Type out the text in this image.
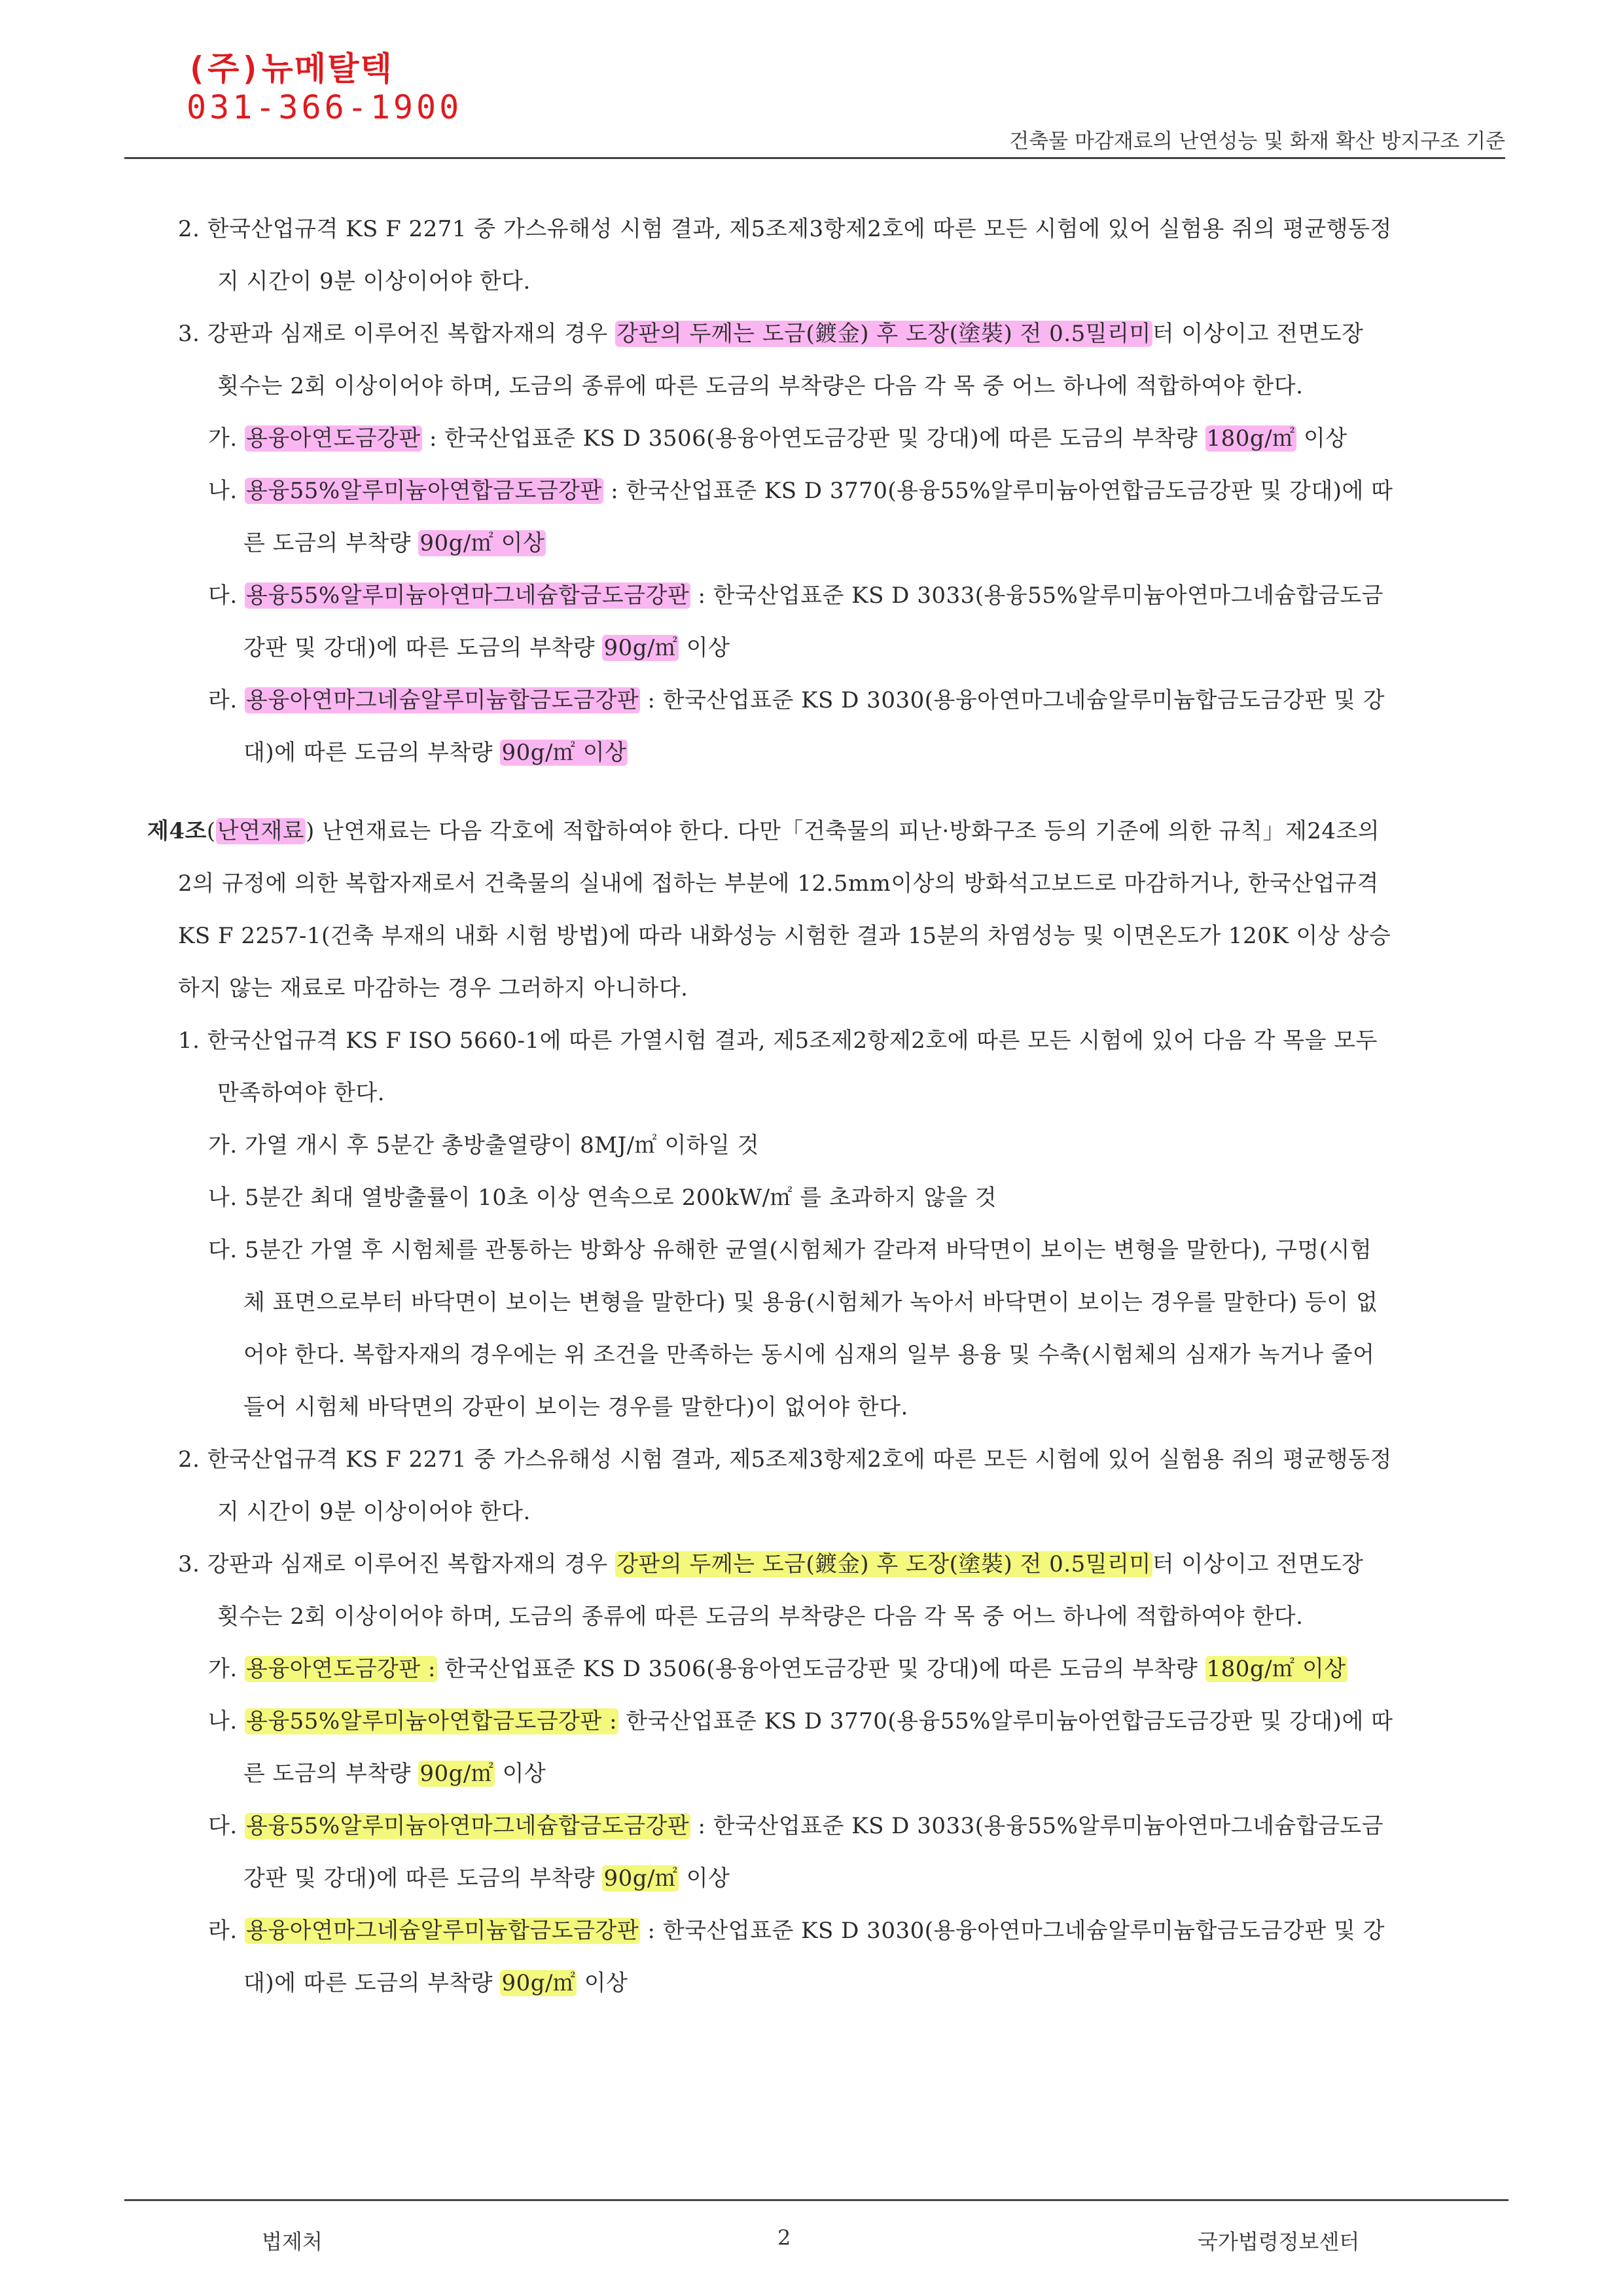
(주)뉴메탈텍
031-366-1900
건축물 마감재료의 난연성능 및 화재 확산 방지구조 기준
2. 한국산업규격 KS F 2271 중 가스유해성 시험 결과, 제5조제3항제2호에 따른 모든 시험에 있어 실험용 쥐의 평균행동정
지 시간이 9분 이상이어야 한다.
3. 강판과 심재로 이루어진 복합자재의 경우 강판의 두께는 도금(鍍金) 후 도장(塗裝) 전 0.5밀리미터 이상이고 전면도장
횟수는 2회 이상이어야 하며, 도금의 종류에 따른 도금의 부착량은 다음 각 목 중 어느 하나에 적합하여야 한다.
가. 용융아연도금강판 : 한국산업표준 KS D 3506(용융아연도금강판 및 강대)에 따른 도금의 부착량 180g/㎡ 이상
나. 용융55%알루미늄아연합금도금강판 : 한국산업표준 KS D 3770(용융55%알루미늄아연합금도금강판 및 강대)에 따
른 도금의 부착량 90g/㎡ 이상
다. 용융55%알루미늄아연마그네슘합금도금강판 : 한국산업표준 KS D 3033(용융55%알루미늄아연마그네슘합금도금
강판 및 강대)에 따른 도금의 부착량 90g/㎡ 이상
라. 용융아연마그네슘알루미늄합금도금강판 : 한국산업표준 KS D 3030(용융아연마그네슘알루미늄합금도금강판 및 강
대)에 따른 도금의 부착량 90g/㎡ 이상
제4조(난연재료) 난연재료는 다음 각호에 적합하여야 한다. 다만「건축물의 피난·방화구조 등의 기준에 의한 규칙」제24조의
2의 규정에 의한 복합자재로서 건축물의 실내에 접하는 부분에 12.5mm이상의 방화석고보드로 마감하거나, 한국산업규격
KS F 2257-1(건축 부재의 내화 시험 방법)에 따라 내화성능 시험한 결과 15분의 차염성능 및 이면온도가 120K 이상 상승
하지 않는 재료로 마감하는 경우 그러하지 아니하다.
1. 한국산업규격 KS F ISO 5660-1에 따른 가열시험 결과, 제5조제2항제2호에 따른 모든 시험에 있어 다음 각 목을 모두
만족하여야 한다.
가. 가열 개시 후 5분간 총방출열량이 8MJ/㎡ 이하일 것
나. 5분간 최대 열방출률이 10초 이상 연속으로 200kW/㎡ 를 초과하지 않을 것
다. 5분간 가열 후 시험체를 관통하는 방화상 유해한 균열(시험체가 갈라져 바닥면이 보이는 변형을 말한다), 구멍(시험
체 표면으로부터 바닥면이 보이는 변형을 말한다) 및 용융(시험체가 녹아서 바닥면이 보이는 경우를 말한다) 등이 없
어야 한다. 복합자재의 경우에는 위 조건을 만족하는 동시에 심재의 일부 용융 및 수축(시험체의 심재가 녹거나 줄어
들어 시험체 바닥면의 강판이 보이는 경우를 말한다)이 없어야 한다.
2. 한국산업규격 KS F 2271 중 가스유해성 시험 결과, 제5조제3항제2호에 따른 모든 시험에 있어 실험용 쥐의 평균행동정
지 시간이 9분 이상이어야 한다.
3. 강판과 심재로 이루어진 복합자재의 경우 강판의 두께는 도금(鍍金) 후 도장(塗裝) 전 0.5밀리미터 이상이고 전면도장
횟수는 2회 이상이어야 하며, 도금의 종류에 따른 도금의 부착량은 다음 각 목 중 어느 하나에 적합하여야 한다.
가. 용융아연도금강판 : 한국산업표준 KS D 3506(용융아연도금강판 및 강대)에 따른 도금의 부착량 180g/㎡ 이상
나. 용융55%알루미늄아연합금도금강판 : 한국산업표준 KS D 3770(용융55%알루미늄아연합금도금강판 및 강대)에 따
른 도금의 부착량 90g/㎡ 이상
다. 용융55%알루미늄아연마그네슘합금도금강판 : 한국산업표준 KS D 3033(용융55%알루미늄아연마그네슘합금도금
강판 및 강대)에 따른 도금의 부착량 90g/㎡ 이상
라. 용융아연마그네슘알루미늄합금도금강판 : 한국산업표준 KS D 3030(용융아연마그네슘알루미늄합금도금강판 및 강
대)에 따른 도금의 부착량 90g/㎡ 이상
법제처	2	국가법령정보센터
